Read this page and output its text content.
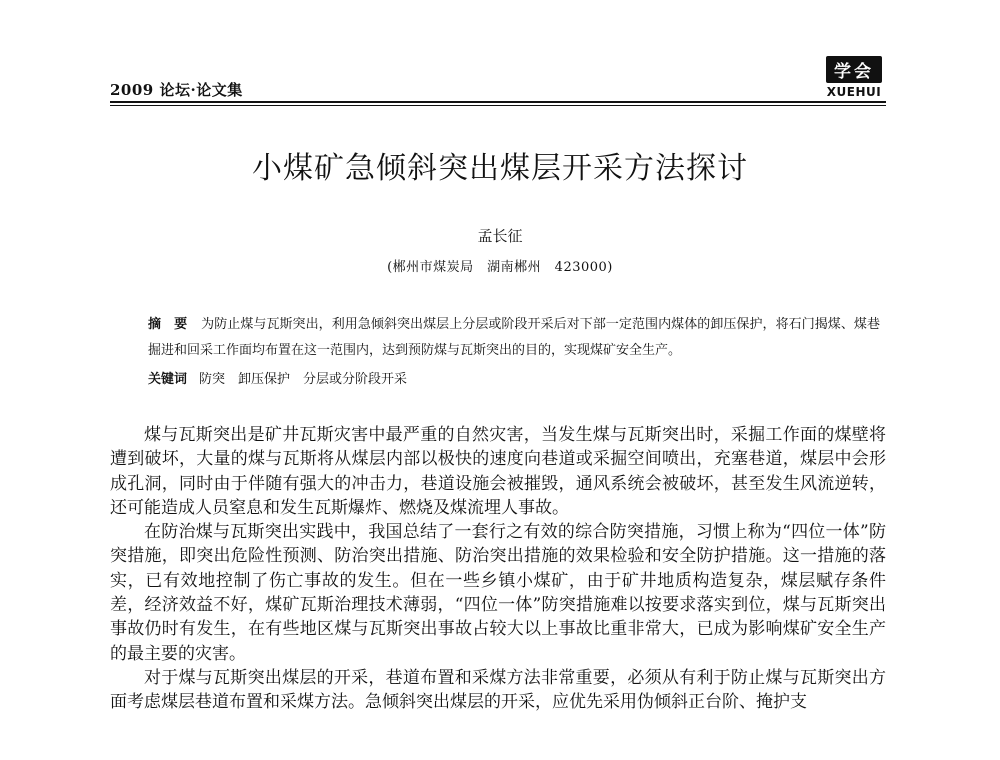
2009 论坛·论文集
学会
XUEHUI
小煤矿急倾斜突出煤层开采方法探讨
孟长征
(郴州市煤炭局　湖南郴州　423000)
摘　要 为防止煤与瓦斯突出，利用急倾斜突出煤层上分层或阶段开采后对下部一定范围内煤体的卸压保护，将石门揭煤、煤巷掘进和回采工作面均布置在这一范围内，达到预防煤与瓦斯突出的目的，实现煤矿安全生产。
关键词 防突　卸压保护　分层或分阶段开采

煤与瓦斯突出是矿井瓦斯灾害中最严重的自然灾害，当发生煤与瓦斯突出时，采掘工作面的煤壁将遭到破坏，大量的煤与瓦斯将从煤层内部以极快的速度向巷道或采掘空间喷出，充塞巷道，煤层中会形成孔洞，同时由于伴随有强大的冲击力，巷道设施会被摧毁，通风系统会被破坏，甚至发生风流逆转，还可能造成人员窒息和发生瓦斯爆炸、燃烧及煤流埋人事故。

在防治煤与瓦斯突出实践中，我国总结了一套行之有效的综合防突措施，习惯上称为“四位一体”防突措施，即突出危险性预测、防治突出措施、防治突出措施的效果检验和安全防护措施。这一措施的落实，已有效地控制了伤亡事故的发生。但在一些乡镇小煤矿，由于矿井地质构造复杂，煤层赋存条件差，经济效益不好，煤矿瓦斯治理技术薄弱，“四位一体”防突措施难以按要求落实到位，煤与瓦斯突出事故仍时有发生，在有些地区煤与瓦斯突出事故占较大以上事故比重非常大，已成为影响煤矿安全生产的最主要的灾害。

对于煤与瓦斯突出煤层的开采，巷道布置和采煤方法非常重要，必须从有利于防止煤与瓦斯突出方面考虑煤层巷道布置和采煤方法。急倾斜突出煤层的开采，应优先采用伪倾斜正台阶、掩护支
